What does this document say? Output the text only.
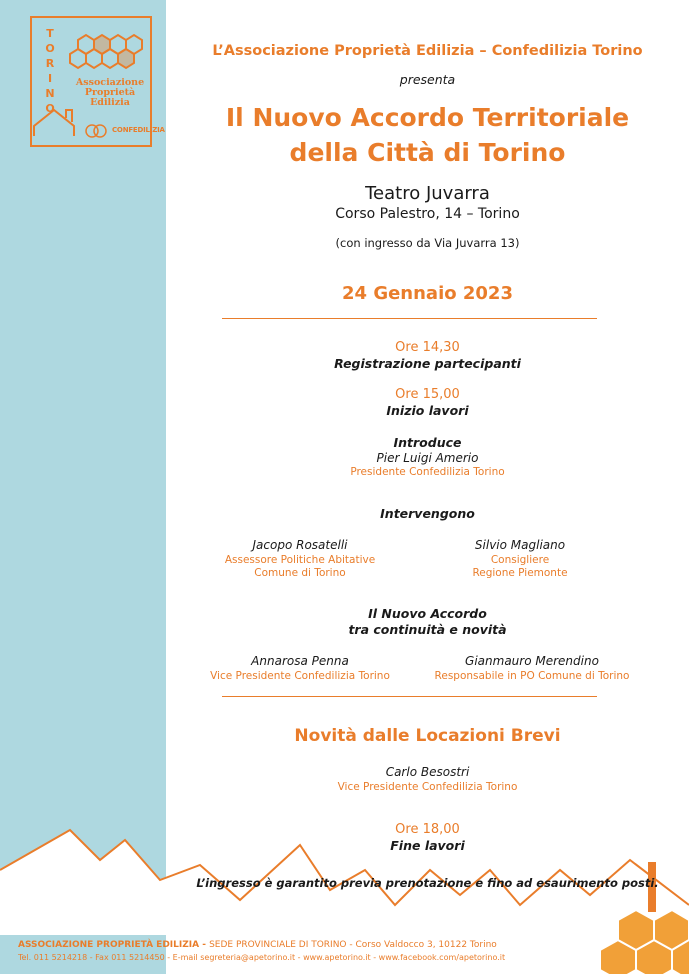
T
O
R
I
N
O
Associazione
Proprietà
Edilizia
CONFEDILIZIA
L’Associazione Proprietà Edilizia – Confedilizia Torino
presenta
Il Nuovo Accordo Territoriale
della Città di Torino
Teatro Juvarra
Corso Palestro, 14 – Torino
(con ingresso da Via Juvarra 13)
24 Gennaio 2023
Ore 14,30
Registrazione partecipanti
Ore 15,00
Inizio lavori
Introduce
Pier Luigi Amerio
Presidente Confedilizia Torino
Intervengono
Jacopo Rosatelli
Assessore Politiche Abitative
Comune di Torino
Silvio Magliano
Consigliere
Regione Piemonte
Il Nuovo Accordo
tra continuità e novità
Annarosa Penna
Vice Presidente Confedilizia Torino
Gianmauro Merendino
Responsabile in PO Comune di Torino
Novità dalle Locazioni Brevi
Carlo Besostri
Vice Presidente Confedilizia Torino
Ore 18,00
Fine lavori
L’ingresso è garantito previa prenotazione e fino ad esaurimento posti.
ASSOCIAZIONE PROPRIETÀ EDILIZIA - SEDE PROVINCIALE DI TORINO - Corso Valdocco 3, 10122 Torino
Tel. 011 5214218 - Fax 011 5214450 - E-mail segreteria@apetorino.it - www.apetorino.it - www.facebook.com/apetorino.it
